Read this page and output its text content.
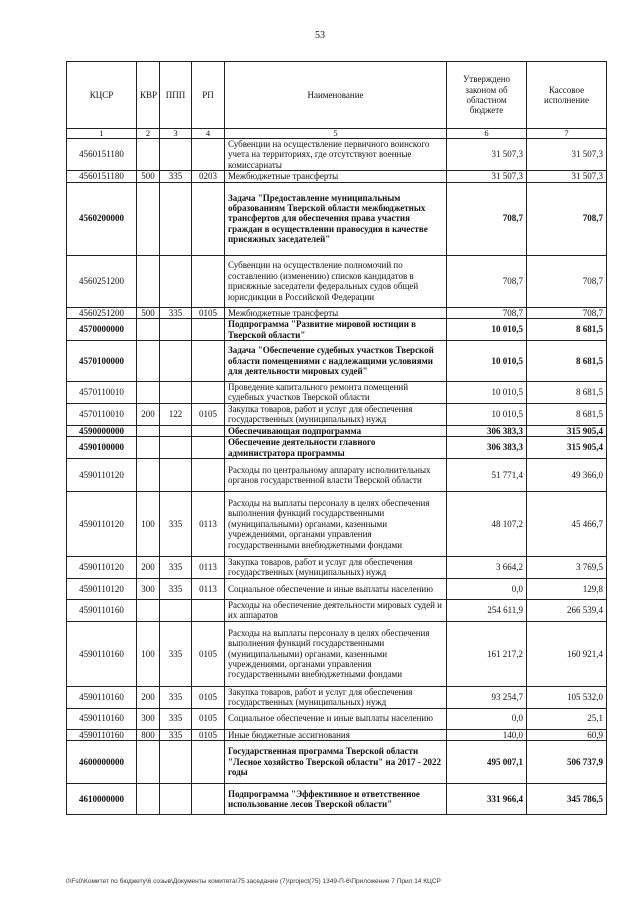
53
КЦСР	КВР	ППП	РП	Наименование	Утверждено законом об областном бюджете	Кассовое исполнение
1	2	3	4	5	6	7
4560151180				Субвенции на осуществление первичного воинского учета на территориях, где отсутствуют военные комиссариаты	31 507,3	31 507,3
4560151180	500	335	0203	Межбюджетные трансферты	31 507,3	31 507,3
4560200000				Задача "Предоставление муниципальным образованиям Тверской области межбюджетных трансфертов для обеспечения права участия граждан в осуществлении правосудия в качестве присяжных заседателей"	708,7	708,7
4560251200				Субвенции на осуществление полномочий по составлению (изменению) списков кандидатов в присяжные заседатели федеральных судов общей юрисдикции в Российской Федерации	708,7	708,7
4560251200	500	335	0105	Межбюджетные трансферты	708,7	708,7
4570000000				Подпрограмма "Развитие мировой юстиции в Тверской области"	10 010,5	8 681,5
4570100000				Задача "Обеспечение судебных участков Тверской области помещениями с надлежащими условиями для деятельности мировых судей"	10 010,5	8 681,5
4570110010				Проведение капитального ремонта помещений судебных участков Тверской области	10 010,5	8 681,5
4570110010	200	122	0105	Закупка товаров, работ и услуг для обеспечения государственных (муниципальных) нужд	10 010,5	8 681,5
4590000000				Обеспечивающая подпрограмма	306 383,3	315 905,4
4590100000				Обеспечение деятельности главного администратора программы	306 383,3	315 905,4
4590110120				Расходы по центральному аппарату исполнительных органов государственной власти Тверской области	51 771,4	49 366,0
4590110120	100	335	0113	Расходы на выплаты персоналу в целях обеспечения выполнения функций государственными (муниципальными) органами, казенными учреждениями, органами управления государственными внебюджетными фондами	48 107,2	45 466,7
4590110120	200	335	0113	Закупка товаров, работ и услуг для обеспечения государственных (муниципальных) нужд	3 664,2	3 769,5
4590110120	300	335	0113	Социальное обеспечение и иные выплаты населению	0,0	129,8
4590110160				Расходы на обеспечение деятельности мировых судей и их аппаратов	254 611,9	266 539,4
4590110160	100	335	0105	Расходы на выплаты персоналу в целях обеспечения выполнения функций государственными (муниципальными) органами, казенными учреждениями, органами управления государственными внебюджетными фондами	161 217,2	160 921,4
4590110160	200	335	0105	Закупка товаров, работ и услуг для обеспечения государственных (муниципальных) нужд	93 254,7	105 532,0
4590110160	300	335	0105	Социальное обеспечение и иные выплаты населению	0,0	25,1
4590110160	800	335	0105	Иные бюджетные ассигнования	140,0	60,9
4600000000				Государственная программа Тверской области "Лесное хозяйство Тверской области" на 2017 - 2022 годы	495 007,1	506 737,9
4610000000				Подпрограмма "Эффективное и ответственное использование лесов Тверской области"	331 966,4	345 786,5
0\Fs0\Комитет по бюджету\6 созыв\Документы комитета\75 заседание (7)\project(75) 1349-П-6\Приложение 7 Прил 14 КЦСР
